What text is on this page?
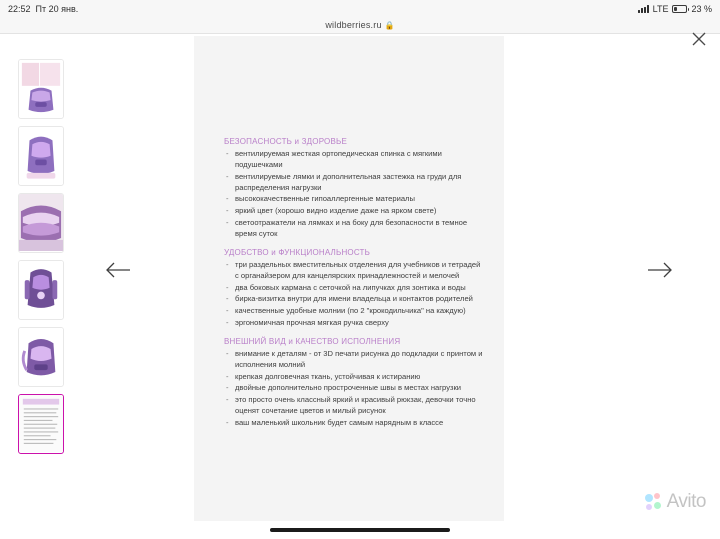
22:52 Пт 20 янв.	LTE	23 %
wildberries.ru 🔒
БЕЗОПАСНОСТЬ и ЗДОРОВЬЕ
- вентилируемая жесткая ортопедическая спинка с мягкими подушечками
- вентилируемые лямки и дополнительная застежка на груди для распределения нагрузки
- высококачественные гипоаллергенные материалы
- яркий цвет (хорошо видно изделие даже на ярком свете)
- светоотражатели на лямках и на боку для безопасности в темное время суток
УДОБСТВО и ФУНКЦИОНАЛЬНОСТЬ
- три раздельных вместительных отделения для учебников и тетрадей с органайзером для канцелярских принадлежностей и мелочей
- два боковых кармана с сеточкой на липучках для зонтика и воды
- бирка-визитка внутри для имени владельца и контактов родителей
- качественные удобные молнии (по 2 "крокодильчика" на каждую)
- эргономичная прочная мягкая ручка сверху
ВНЕШНИЙ ВИД и КАЧЕСТВО ИСПОЛНЕНИЯ
- внимание к деталям - от 3D печати рисунка до подкладки с принтом и исполнения молний
- крепкая долговечная ткань, устойчивая к истиранию
- двойные дополнительно простроченные швы в местах нагрузки
- это просто очень классный яркий и красивый рюкзак, девочки точно оценят сочетание цветов и милый рисунок
- ваш маленький школьник будет самым нарядным в классе
Avito
